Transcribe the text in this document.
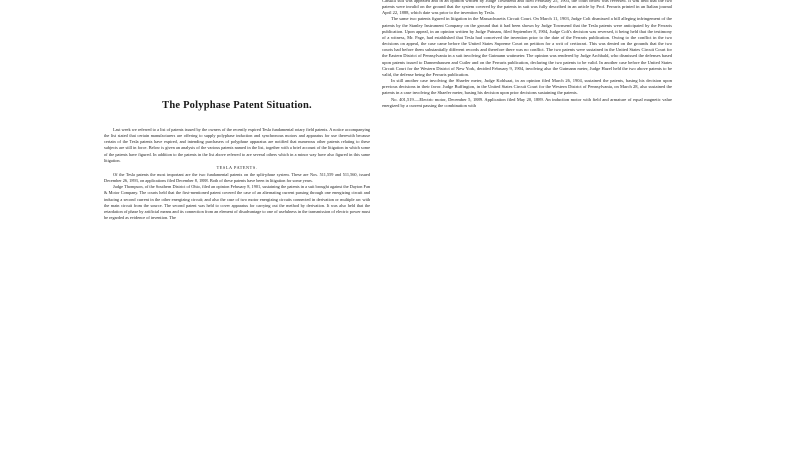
The Polyphase Patent Situation.

Last week we referred to a list of patents issued by the owners of the recently expired Tesla fundamental rotary field patents. A notice accompanying the list stated that certain manufacturers are offering to supply polyphase induction and synchronous motors and apparatus for use therewith because certain of the Tesla patents have expired, and intending purchasers of polyphase apparatus are notified that numerous other patents relating to these subjects are still in force. Below is given an analysis of the various patents named in the list, together with a brief account of the litigation in which some of the patents have figured. In addition to the patents in the list above referred to are several others which in a minor way have also figured in this same litigation.

TESLA PATENTS.

Of the Tesla patents the most important are the two fundamental patents on the split-phase system. These are Nos. 511,559 and 511,560, issued December 26, 1893, on applications filed December 8, 1888. Both of these patents have been in litigation for some years.

Judge Thompson, of the Southern District of Ohio, filed an opinion February 8, 1901, sustaining the patents in a suit brought against the Dayton Fan & Motor Company. The courts held that the first-mentioned patent covered the case of an alternating current passing through one energizing circuit and inducing a second current in the other energizing circuit; and also the case of two motor energizing circuits connected in derivation or multiple arc with the main circuit from the source. The second patent was held to cover apparatus for carrying out the method by derivation. It was also held that the retardation of phase by artificial means and its connection from an element of disadvantage to one of usefulness in the transmission of electric power must be regarded as evidence of invention. The

Catskill suit was appealed and in an opinion written by Judge Townsend and filed February 25, 1903, the court below was reversed. It was held that the two patents were invalid on the ground that the system covered by the patents in suit was fully described in an article by Prof. Ferraris printed in an Italian journal April 22, 1888, which date was prior to the invention by Tesla.

The same two patents figured in litigation in the Massachusetts Circuit Court. On March 11, 1903, Judge Colt dismissed a bill alleging infringement of the patents by the Stanley Instrument Company on the ground that it had been shown by Judge Townsend that the Tesla patents were anticipated by the Ferraris publication. Upon appeal, in an opinion written by Judge Putnam, filed September 8, 1904, Judge Colt's decision was reversed, it being held that the testimony of a witness, Mr. Page, had established that Tesla had conceived the invention prior to the date of the Ferraris publication. Owing to the conflict in the two decisions on appeal, the case came before the United States Supreme Court on petition for a writ of certiorari. This was denied on the grounds that the two courts had before them substantially different records and therefore there was no conflict. The two patents were sustained in the United States Circuit Court for the Eastern District of Pennsylvania in a suit involving the Gutmann wattmeter. The opinion was rendered by Judge Archbald, who dismissed the defenses based upon patents issued to Dannenhausen and Cutler and on the Ferraris publication, declaring the two patents to be valid. In another case before the United States Circuit Court for the Western District of New York, decided February 9, 1904, involving also the Gutmann meter, Judge Hazel held the two above patents to be valid, the defense being the Ferraris publication.

In still another case involving the Shaefer meter, Judge Kohlsaat, in an opinion filed March 26, 1904, sustained the patents, basing his decision upon previous decisions in their favor. Judge Buffington, in the United States Circuit Court for the Western District of Pennsylvania, on March 28, also sustained the patents in a case involving the Shaefer meter, basing his decision upon prior decisions sustaining the patents.

No. 401,519.—Electric motor, December 5, 1889. Application filed May 20, 1889. An induction motor with field and armature of equal magnetic value energized by a current passing the combination with
